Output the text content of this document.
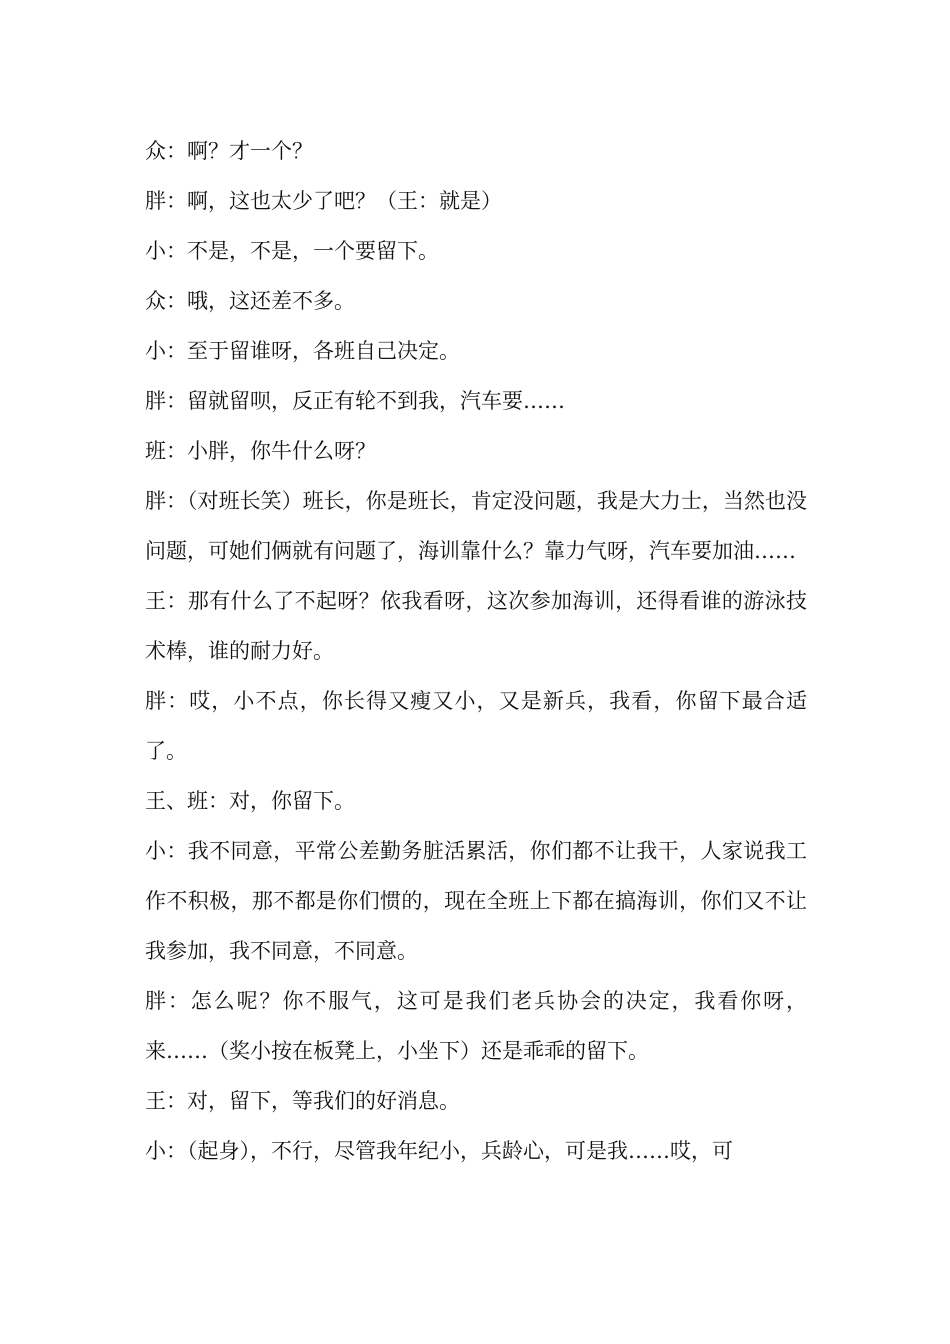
众：啊？才一个？

胖：啊，这也太少了吧？（王：就是）

小：不是，不是，一个要留下。

众：哦，这还差不多。

小：至于留谁呀，各班自己决定。

胖：留就留呗，反正有轮不到我，汽车要……

班：小胖，你牛什么呀？

胖：（对班长笑）班长，你是班长，肯定没问题，我是大力士，当然也没问题，可她们俩就有问题了，海训靠什么？靠力气呀，汽车要加油……

王：那有什么了不起呀？依我看呀，这次参加海训，还得看谁的游泳技术棒，谁的耐力好。

胖：哎，小不点，你长得又瘦又小，又是新兵，我看，你留下最合适了。

王、班：对，你留下。

小：我不同意，平常公差勤务脏活累活，你们都不让我干，人家说我工作不积极，那不都是你们惯的，现在全班上下都在搞海训，你们又不让我参加，我不同意，不同意。

胖：怎么呢？你不服气，这可是我们老兵协会的决定，我看你呀，来……（奖小按在板凳上，小坐下）还是乖乖的留下。

王：对，留下，等我们的好消息。

小：（起身），不行，尽管我年纪小，兵龄心，可是我……哎，可
